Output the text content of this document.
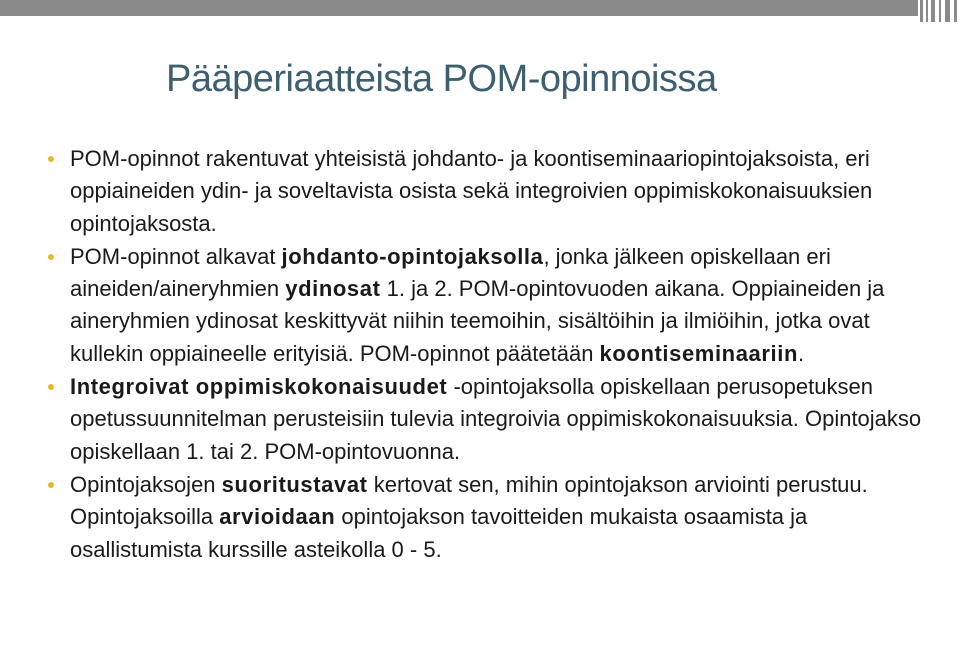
Pääperiaatteista POM-opinnoissa
POM-opinnot rakentuvat yhteisistä johdanto- ja koontiseminaariopintojaksoista, eri oppiaineiden ydin- ja soveltavista osista sekä integroivien oppimiskokonaisuuksien opintojaksosta.
POM-opinnot alkavat johdanto-opintojaksolla, jonka jälkeen opiskellaan eri aineiden/aineryhmien ydinosat 1. ja 2. POM-opintovuoden aikana. Oppiaineiden ja aineryhmien ydinosat keskittyvät niihin teemoihin, sisältöihin ja ilmiöihin, jotka ovat kullekin oppiaineelle erityisiä. POM-opinnot päätetään koontiseminaariin.
Integroivat oppimiskokonaisuudet -opintojaksolla opiskellaan perusopetuksen opetussuunnitelman perusteisiin tulevia integroivia oppimiskokonaisuuksia. Opintojakso opiskellaan 1. tai 2. POM-opintovuonna.
Opintojaksojen suoritustavat kertovat sen, mihin opintojakson arviointi perustuu. Opintojaksoilla arvioidaan opintojakson tavoitteiden mukaista osaamista ja osallistumista kurssille asteikolla 0 - 5.
